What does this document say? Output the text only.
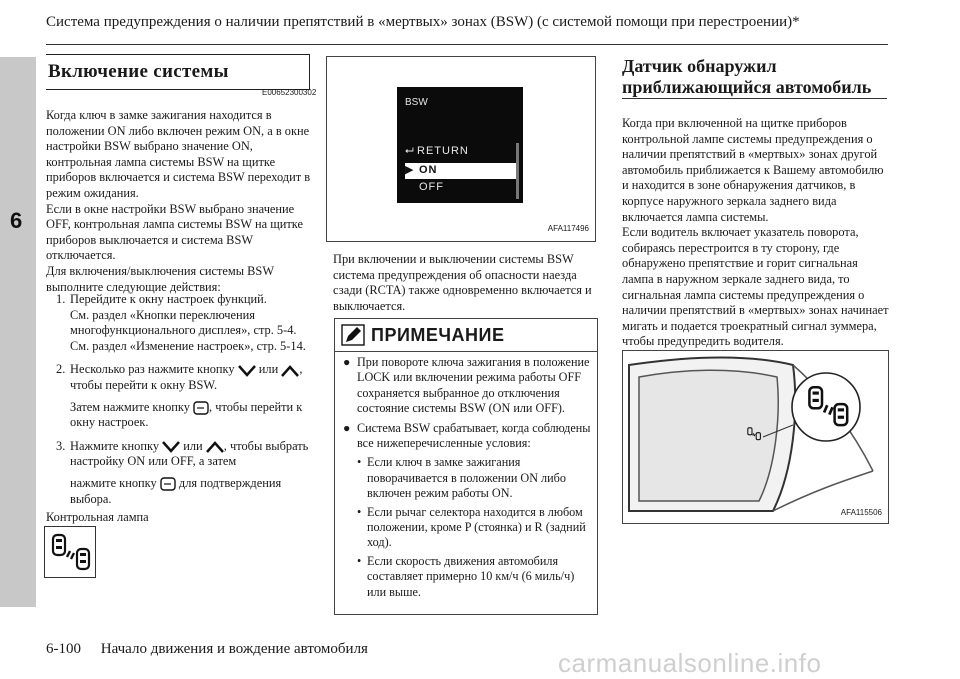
Система предупреждения о наличии препятствий в «мертвых» зонах (BSW) (с системой помощи при перестроении)*
6
Включение системы
E00652300302
Когда ключ в замке зажигания находится в положении ON либо включен режим ON, а в окне настройки BSW выбрано значение ON, контрольная лампа системы BSW на щитке приборов включается и система BSW переходит в режим ожидания.
Если в окне настройки BSW выбрано значение OFF, контрольная лампа системы BSW на щитке приборов выключается и система BSW отключается.
Для включения/выключения системы BSW выполните следующие действия:
1. Перейдите к окну настроек функций.
См. раздел «Кнопки переключения многофункционального дисплея», стр. 5-4.
См. раздел «Изменение настроек», стр. 5-14.
2. Несколько раз нажмите кнопку или , чтобы перейти к окну BSW.
Затем нажмите кнопку , чтобы перейти к окну настроек.
3. Нажмите кнопку или , чтобы выбрать настройку ON или OFF, а затем
нажмите кнопку для подтверждения выбора.
Контрольная лампа
BSW
⮠ RETURN
▶ ON
OFF
AFA117496
При включении и выключении системы BSW система предупреждения об опасности наезда сзади (RCTA) также одновременно включается и выключается.
ПРИМЕЧАНИЕ
● При повороте ключа зажигания в положение LOCK или включении режима работы OFF сохраняется выбранное до отключения состояние системы BSW (ON или OFF).
● Система BSW срабатывает, когда соблюдены все нижеперечисленные условия:
• Если ключ в замке зажигания поворачивается в положении ON либо включен режим работы ON.
• Если рычаг селектора находится в любом положении, кроме P (стоянка) и R (задний ход).
• Если скорость движения автомобиля составляет примерно 10 км/ч (6 миль/ч) или выше.
Датчик обнаружил
приближающийся автомобиль
Когда при включенной на щитке приборов контрольной лампе системы предупреждения о наличии препятствий в «мертвых» зонах другой автомобиль приближается к Вашему автомобилю и находится в зоне обнаружения датчиков, в корпусе наружного зеркала заднего вида включается лампа системы.
Если водитель включает указатель поворота, собираясь перестроится в ту сторону, где обнаружено препятствие и горит сигнальная лампа в наружном зеркале заднего вида, то сигнальная лампа системы предупреждения о наличии препятствий в «мертвых» зонах начинает мигать и подается троекратный сигнал зуммера, чтобы предупредить водителя.
AFA115506
6-100 Начало движения и вождение автомобиля	carmanualsonline.info
